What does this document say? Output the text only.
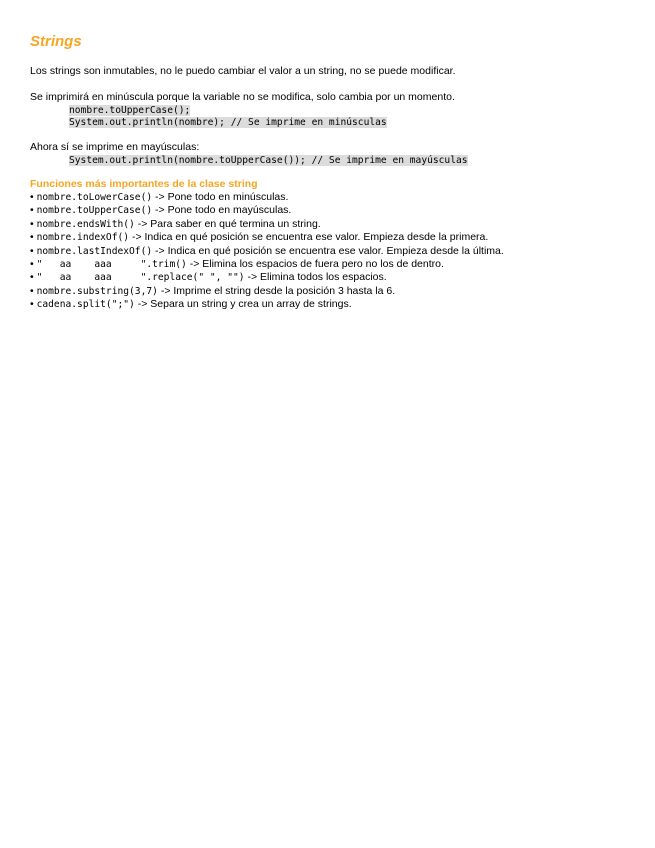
Strings

Los strings son inmutables, no le puedo cambiar el valor a un string, no se puede modificar.

Se imprimirá en minúscula porque la variable no se modifica, solo cambia por un momento.

nombre.toUpperCase();
System.out.println(nombre); // Se imprime en minúsculas

Ahora sí se imprime en mayúsculas:

System.out.println(nombre.toUpperCase()); // Se imprime en mayúsculas

Funciones más importantes de la clase string

• nombre.toLowerCase() -> Pone todo en minúsculas.
• nombre.toUpperCase() -> Pone todo en mayúsculas.
• nombre.endsWith() -> Para saber en qué termina un string.
• nombre.indexOf() -> Indica en qué posición se encuentra ese valor. Empieza desde la primera.
• nombre.lastIndexOf() -> Indica en qué posición se encuentra ese valor. Empieza desde la última.
• "   aa    aaa     ".trim() -> Elimina los espacios de fuera pero no los de dentro.
• "   aa    aaa     ".replace(" ", "") -> Elimina todos los espacios.
• nombre.substring(3,7) -> Imprime el string desde la posición 3 hasta la 6.
• cadena.split(";") -> Separa un string y crea un array de strings.
